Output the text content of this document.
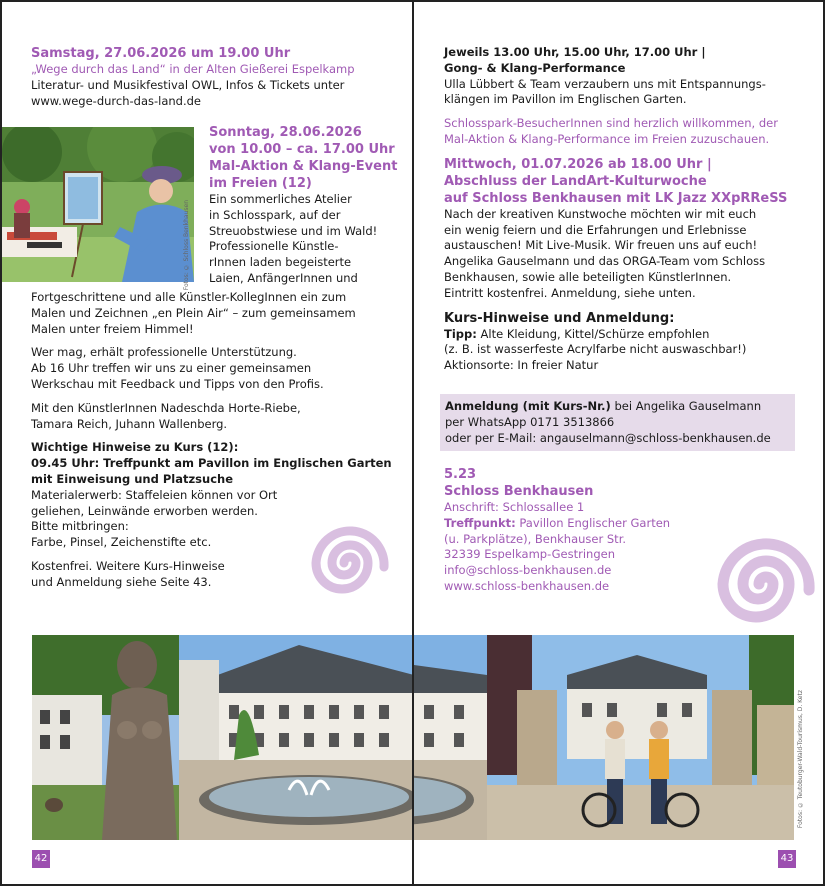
Samstag, 27.06.2026 um 19.00 Uhr

„Wege durch das Land“ in der Alten Gießerei Espelkamp

Literatur- und Musikfestival OWL, Infos & Tickets unter

www.wege-durch-das-land.de

Fotos: © Schloss Benkhausen

Sonntag, 28.06.2026

von 10.00 – ca. 17.00 Uhr

Mal-Aktion & Klang-Event

im Freien (12)

Ein sommerliches Atelier

in Schlosspark, auf der

Streuobstwiese und im Wald!

Professionelle Künstle-

rInnen laden begeisterte

Laien, AnfängerInnen und

Fortgeschrittene und alle Künstler-KollegInnen ein zum

Malen und Zeichnen „en Plein Air“ – zum gemeinsamem

Malen unter freiem Himmel!

Wer mag, erhält professionelle Unterstützung.

Ab 16 Uhr treffen wir uns zu einer gemeinsamen

Werkschau mit Feedback und Tipps von den Profis.

Mit den KünstlerInnen Nadeschda Horte-Riebe,

Tamara Reich, Juhann Wallenberg.

Wichtige Hinweise zu Kurs (12):

09.45 Uhr: Treffpunkt am Pavillon im Englischen Garten

mit Einweisung und Platzsuche

Materialerwerb: Staffeleien können vor Ort

geliehen, Leinwände erworben werden.

Bitte mitbringen:

Farbe, Pinsel, Zeichenstifte etc.

Kostenfrei. Weitere Kurs-Hinweise

und Anmeldung siehe Seite 43.

42

Jeweils 13.00 Uhr, 15.00 Uhr, 17.00 Uhr |

Gong- & Klang-Performance

Ulla Lübbert & Team verzaubern uns mit Entspannungs-

klängen im Pavillon im Englischen Garten.

Schlosspark-BesucherInnen sind herzlich willkommen, der

Mal-Aktion & Klang-Performance im Freien zuzuschauen.

Mittwoch, 01.07.2026 ab 18.00 Uhr |

Abschluss der LandArt-Kulturwoche

auf Schloss Benkhausen mit LK Jazz XXpRReSS

Nach der kreativen Kunstwoche möchten wir mit euch

ein wenig feiern und die Erfahrungen und Erlebnisse

austauschen! Mit Live-Musik. Wir freuen uns auf euch!

Angelika Gauselmann und das ORGA-Team vom Schloss

Benkhausen, sowie alle beteiligten KünstlerInnen.

Eintritt kostenfrei. Anmeldung, siehe unten.

Kurs-Hinweise und Anmeldung:

Tipp: Alte Kleidung, Kittel/Schürze empfohlen

(z. B. ist wasserfeste Acrylfarbe nicht auswaschbar!)

Aktionsorte: In freier Natur

Anmeldung (mit Kurs-Nr.) bei Angelika Gauselmann

per WhatsApp 0171 3513866

oder per E-Mail: angauselmann@schloss-benkhausen.de

5.23

Schloss Benkhausen

Anschrift: Schlossallee 1

Treffpunkt: Pavillon Englischer Garten

(u. Parkplätze), Benkhauser Str.

32339 Espelkamp-Gestringen

info@schloss-benkhausen.de

www.schloss-benkhausen.de

Fotos: © Teutoburger-Wald-Tourismus, D. Ketz
43
